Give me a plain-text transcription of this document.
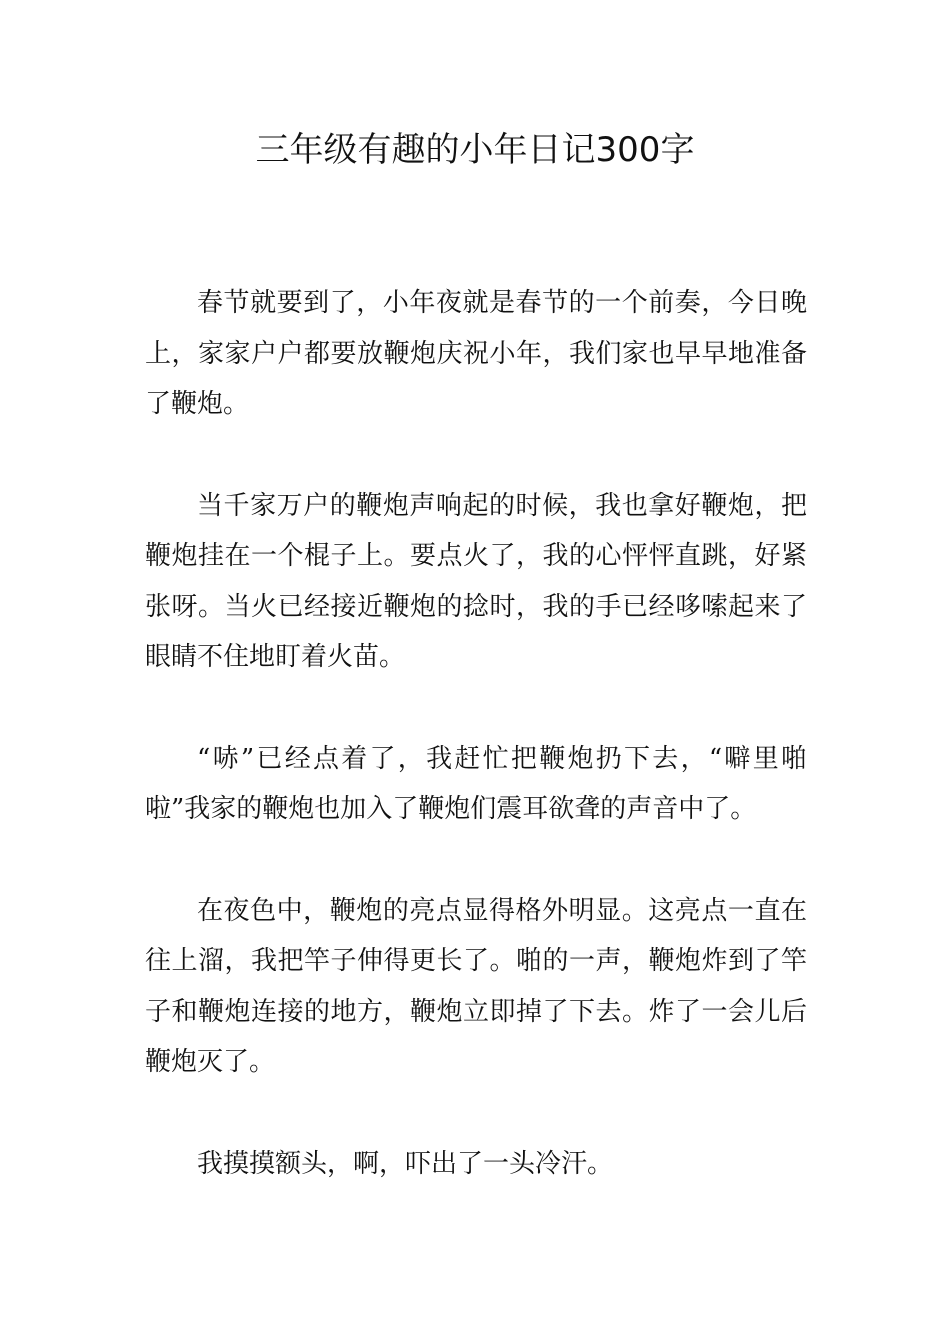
三年级有趣的小年日记300字

春节就要到了，小年夜就是春节的一个前奏，今日晚上，家家户户都要放鞭炮庆祝小年，我们家也早早地准备了鞭炮。

当千家万户的鞭炮声响起的时候，我也拿好鞭炮，把鞭炮挂在一个棍子上。要点火了，我的心怦怦直跳，好紧张呀。当火已经接近鞭炮的捻时，我的手已经哆嗦起来了眼睛不住地盯着火苗。

“哧”已经点着了，我赶忙把鞭炮扔下去，“噼里啪啦”我家的鞭炮也加入了鞭炮们震耳欲聋的声音中了。

在夜色中，鞭炮的亮点显得格外明显。这亮点一直在往上溜，我把竿子伸得更长了。啪的一声，鞭炮炸到了竿子和鞭炮连接的地方，鞭炮立即掉了下去。炸了一会儿后鞭炮灭了。

我摸摸额头，啊，吓出了一头冷汗。
